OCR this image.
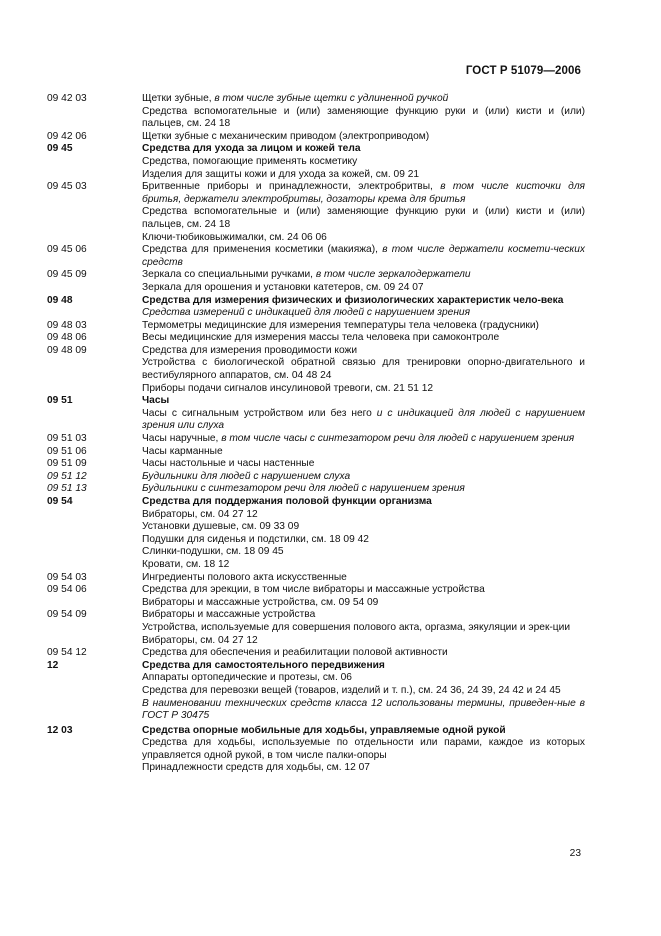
ГОСТ Р 51079—2006
09 42 03	Щетки зубные, в том числе зубные щетки с удлиненной ручкой
Средства вспомогательные и (или) заменяющие функцию руки и (или) кисти и (или) пальцев, см. 24 18
09 42 06	Щетки зубные с механическим приводом (электроприводом)
09 45	Средства для ухода за лицом и кожей тела
Средства, помогающие применять косметику
Изделия для защиты кожи и для ухода за кожей, см. 09 21
09 45 03	Бритвенные приборы и принадлежности, электробритвы, в том числе кисточки для бритья, держатели электробритвы, дозаторы крема для бритья
Средства вспомогательные и (или) заменяющие функцию руки и (или) кисти и (или) пальцев, см. 24 18
Ключи-тюбиковыжималки, см. 24 06 06
09 45 06	Средства для применения косметики (макияжа), в том числе держатели космети-ческих средств
09 45 09	Зеркала со специальными ручками, в том числе зеркалодержатели
Зеркала для орошения и установки катетеров, см. 09 24 07
09 48	Средства для измерения физических и физиологических характеристик чело-века
Средства измерений с индикацией для людей с нарушением зрения
09 48 03	Термометры медицинские для измерения температуры тела человека (градусники)
09 48 06	Весы медицинские для измерения массы тела человека при самоконтроле
09 48 09	Средства для измерения проводимости кожи
Устройства с биологической обратной связью для тренировки опорно-двигательного и вестибулярного аппаратов, см. 04 48 24
Приборы подачи сигналов инсулиновой тревоги, см. 21 51 12
09 51	Часы
Часы с сигнальным устройством или без него и с индикацией для людей с нарушением зрения или слуха
09 51 03	Часы наручные, в том числе часы с синтезатором речи для людей с нарушением зрения
09 51 06	Часы карманные
09 51 09	Часы настольные и часы настенные
09 51 12	Будильники для людей с нарушением слуха
09 51 13	Будильники с синтезатором речи для людей с нарушением зрения
09 54	Средства для поддержания половой функции организма
Вибраторы, см. 04 27 12
Установки душевые, см. 09 33 09
Подушки для сиденья и подстилки, см. 18 09 42
Слинки-подушки, см. 18 09 45
Кровати, см. 18 12
09 54 03	Ингредиенты полового акта искусственные
09 54 06	Средства для эрекции, в том числе вибраторы и массажные устройства
Вибраторы и массажные устройства, см. 09 54 09
09 54 09	Вибраторы и массажные устройства
Устройства, используемые для совершения полового акта, оргазма, эякуляции и эрек-ции
Вибраторы, см. 04 27 12
09 54 12	Средства для обеспечения и реабилитации половой активности
12	Средства для самостоятельного передвижения
Аппараты ортопедические и протезы, см. 06
Средства для перевозки вещей (товаров, изделий и т. п.), см. 24 36, 24 39, 24 42 и 24 45
В наименовании технических средств класса 12 использованы термины, приведен-ные в ГОСТ Р 30475
12 03	Средства опорные мобильные для ходьбы, управляемые одной рукой
Средства для ходьбы, используемые по отдельности или парами, каждое из которых управляется одной рукой, в том числе палки-опоры
Принадлежности средств для ходьбы, см. 12 07
23
